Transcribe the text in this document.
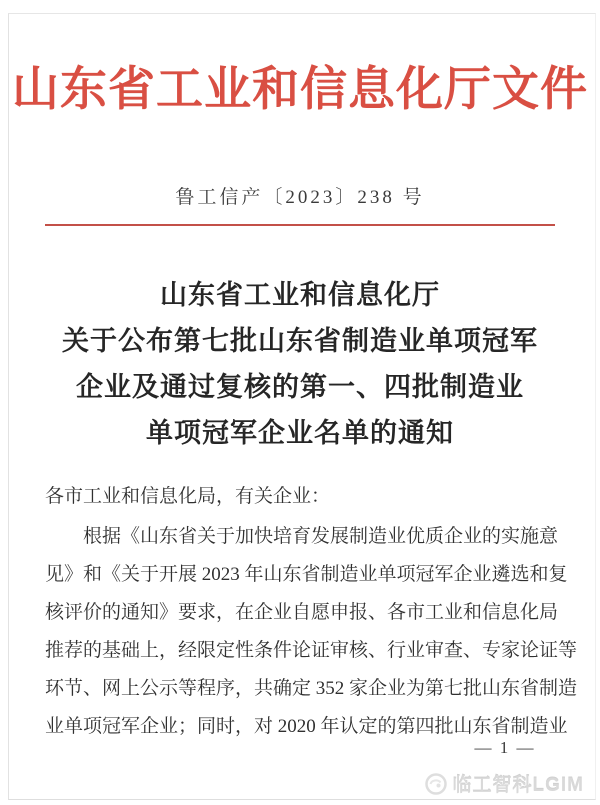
山东省工业和信息化厅文件
鲁工信产〔2023〕238 号
山东省工业和信息化厅
关于公布第七批山东省制造业单项冠军
企业及通过复核的第一、四批制造业
单项冠军企业名单的通知
各市工业和信息化局，有关企业：
根据《山东省关于加快培育发展制造业优质企业的实施意
见》和《关于开展 2023 年山东省制造业单项冠军企业遴选和复
核评价的通知》要求，在企业自愿申报、各市工业和信息化局
推荐的基础上，经限定性条件论证审核、行业审查、专家论证等
环节、网上公示等程序，共确定 352 家企业为第七批山东省制造
业单项冠军企业；同时，对 2020 年认定的第四批山东省制造业
— 1 —
临工智科LGIM
